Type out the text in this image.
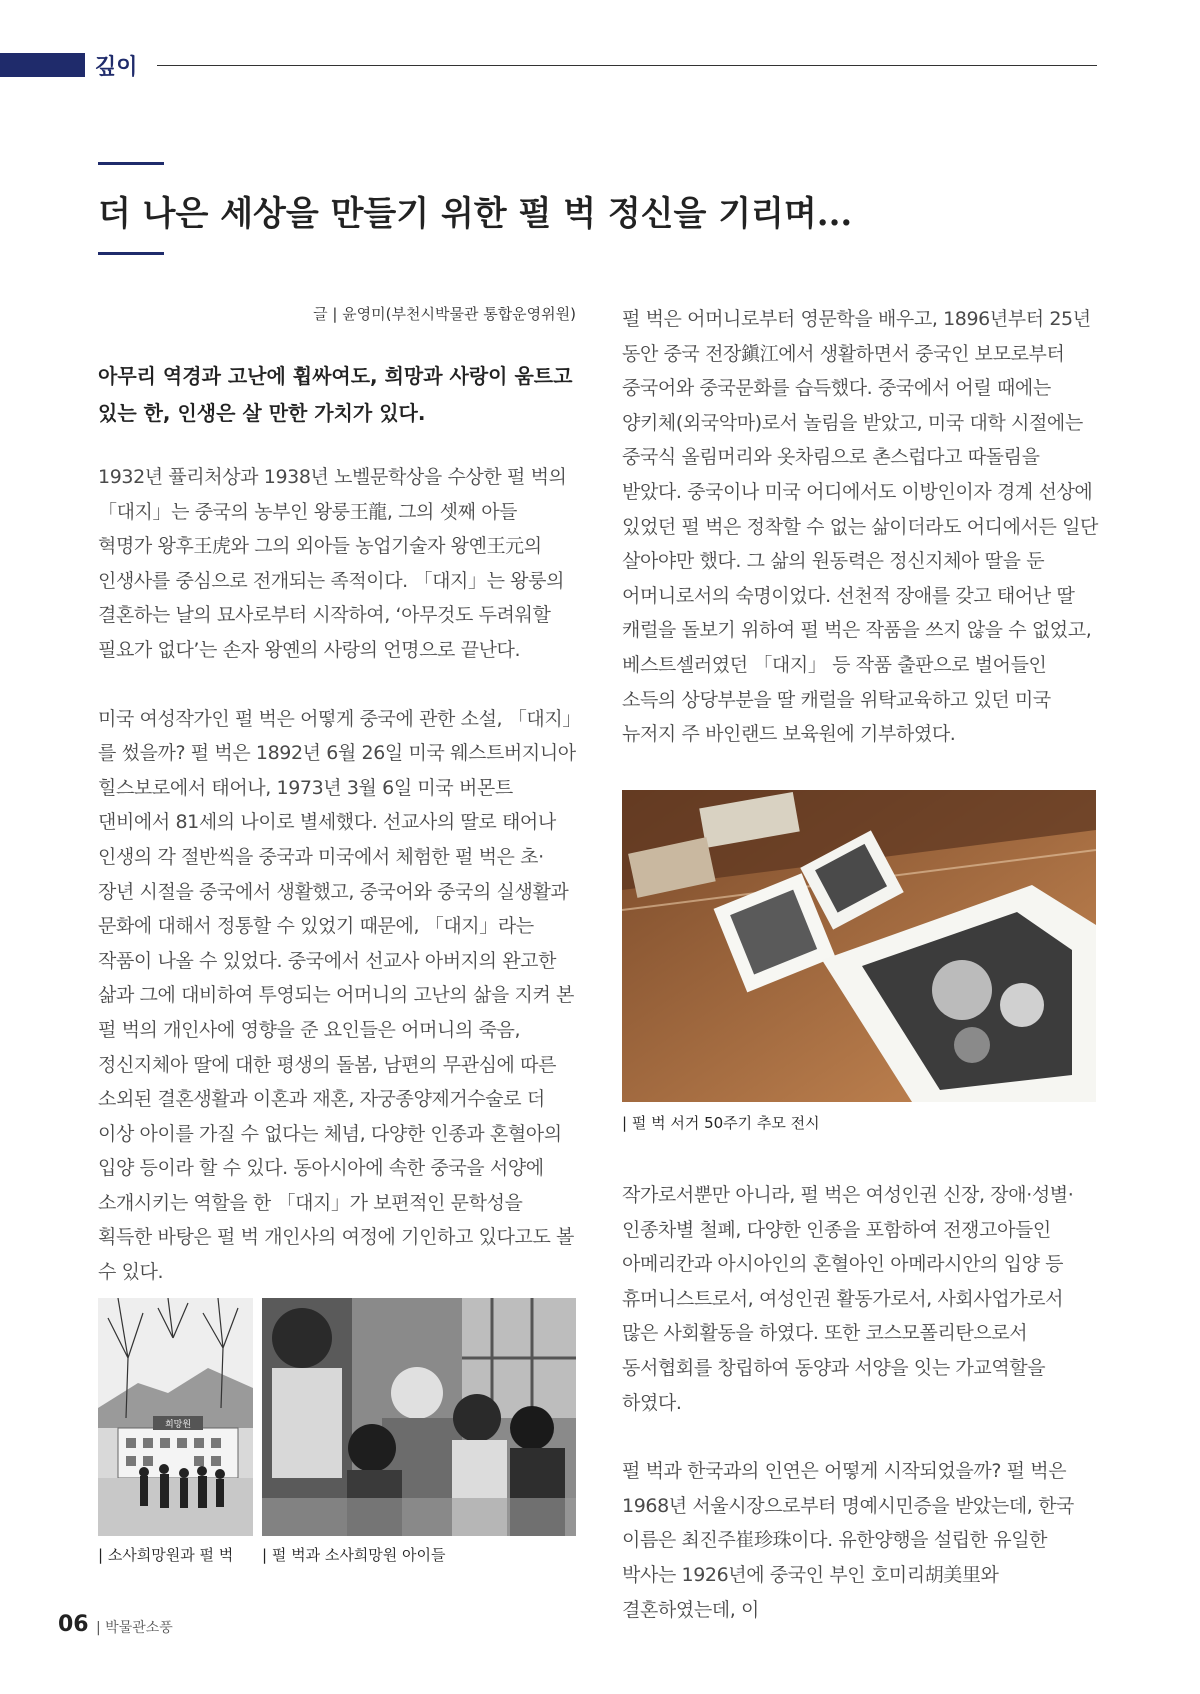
깊이
더 나은 세상을 만들기 위한 펄 벅 정신을 기리며...
글 | 윤영미(부천시박물관 통합운영위원)
아무리 역경과 고난에 휩싸여도, 희망과 사랑이 움트고 있는 한, 인생은 살 만한 가치가 있다.

1932년 퓰리처상과 1938년 노벨문학상을 수상한 펄 벅의 「대지」는 중국의 농부인 왕룽王龍, 그의 셋째 아들 혁명가 왕후王虎와 그의 외아들 농업기술자 왕옌王元의 인생사를 중심으로 전개되는 족적이다. 「대지」는 왕룽의 결혼하는 날의 묘사로부터 시작하여, ‘아무것도 두려워할 필요가 없다’는 손자 왕옌의 사랑의 언명으로 끝난다.

미국 여성작가인 펄 벅은 어떻게 중국에 관한 소설, 「대지」를 썼을까? 펄 벅은 1892년 6월 26일 미국 웨스트버지니아 힐스보로에서 태어나, 1973년 3월 6일 미국 버몬트 댄비에서 81세의 나이로 별세했다. 선교사의 딸로 태어나 인생의 각 절반씩을 중국과 미국에서 체험한 펄 벅은 초·장년 시절을 중국에서 생활했고, 중국어와 중국의 실생활과 문화에 대해서 정통할 수 있었기 때문에, 「대지」라는 작품이 나올 수 있었다. 중국에서 선교사 아버지의 완고한 삶과 그에 대비하여 투영되는 어머니의 고난의 삶을 지켜 본 펄 벅의 개인사에 영향을 준 요인들은 어머니의 죽음, 정신지체아 딸에 대한 평생의 돌봄, 남편의 무관심에 따른 소외된 결혼생활과 이혼과 재혼, 자궁종양제거수술로 더 이상 아이를 가질 수 없다는 체념, 다양한 인종과 혼혈아의 입양 등이라 할 수 있다. 동아시아에 속한 중국을 서양에 소개시키는 역할을 한 「대지」가 보편적인 문학성을 획득한 바탕은 펄 벅 개인사의 여정에 기인하고 있다고도 볼 수 있다.

희망원
| 소사희망원과 펄 벅 | 펄 벅과 소사희망원 아이들

펄 벅은 어머니로부터 영문학을 배우고, 1896년부터 25년 동안 중국 전장鎭江에서 생활하면서 중국인 보모로부터 중국어와 중국문화를 습득했다. 중국에서 어릴 때에는 양키체(외국악마)로서 놀림을 받았고, 미국 대학 시절에는 중국식 올림머리와 옷차림으로 촌스럽다고 따돌림을 받았다. 중국이나 미국 어디에서도 이방인이자 경계 선상에 있었던 펄 벅은 정착할 수 없는 삶이더라도 어디에서든 일단 살아야만 했다. 그 삶의 원동력은 정신지체아 딸을 둔 어머니로서의 숙명이었다. 선천적 장애를 갖고 태어난 딸 캐럴을 돌보기 위하여 펄 벅은 작품을 쓰지 않을 수 없었고, 베스트셀러였던 「대지」 등 작품 출판으로 벌어들인 소득의 상당부분을 딸 캐럴을 위탁교육하고 있던 미국 뉴저지 주 바인랜드 보육원에 기부하였다.

| 펄 벅 서거 50주기 추모 전시

작가로서뿐만 아니라, 펄 벅은 여성인권 신장, 장애·성별·인종차별 철폐, 다양한 인종을 포함하여 전쟁고아들인 아메리칸과 아시아인의 혼혈아인 아메라시안의 입양 등 휴머니스트로서, 여성인권 활동가로서, 사회사업가로서 많은 사회활동을 하였다. 또한 코스모폴리탄으로서 동서협회를 창립하여 동양과 서양을 잇는 가교역할을 하였다.

펄 벅과 한국과의 인연은 어떻게 시작되었을까? 펄 벅은 1968년 서울시장으로부터 명예시민증을 받았는데, 한국 이름은 최진주崔珍珠이다. 유한양행을 설립한 유일한 박사는 1926년에 중국인 부인 호미리胡美里와 결혼하였는데, 이

06 | 박물관소풍
